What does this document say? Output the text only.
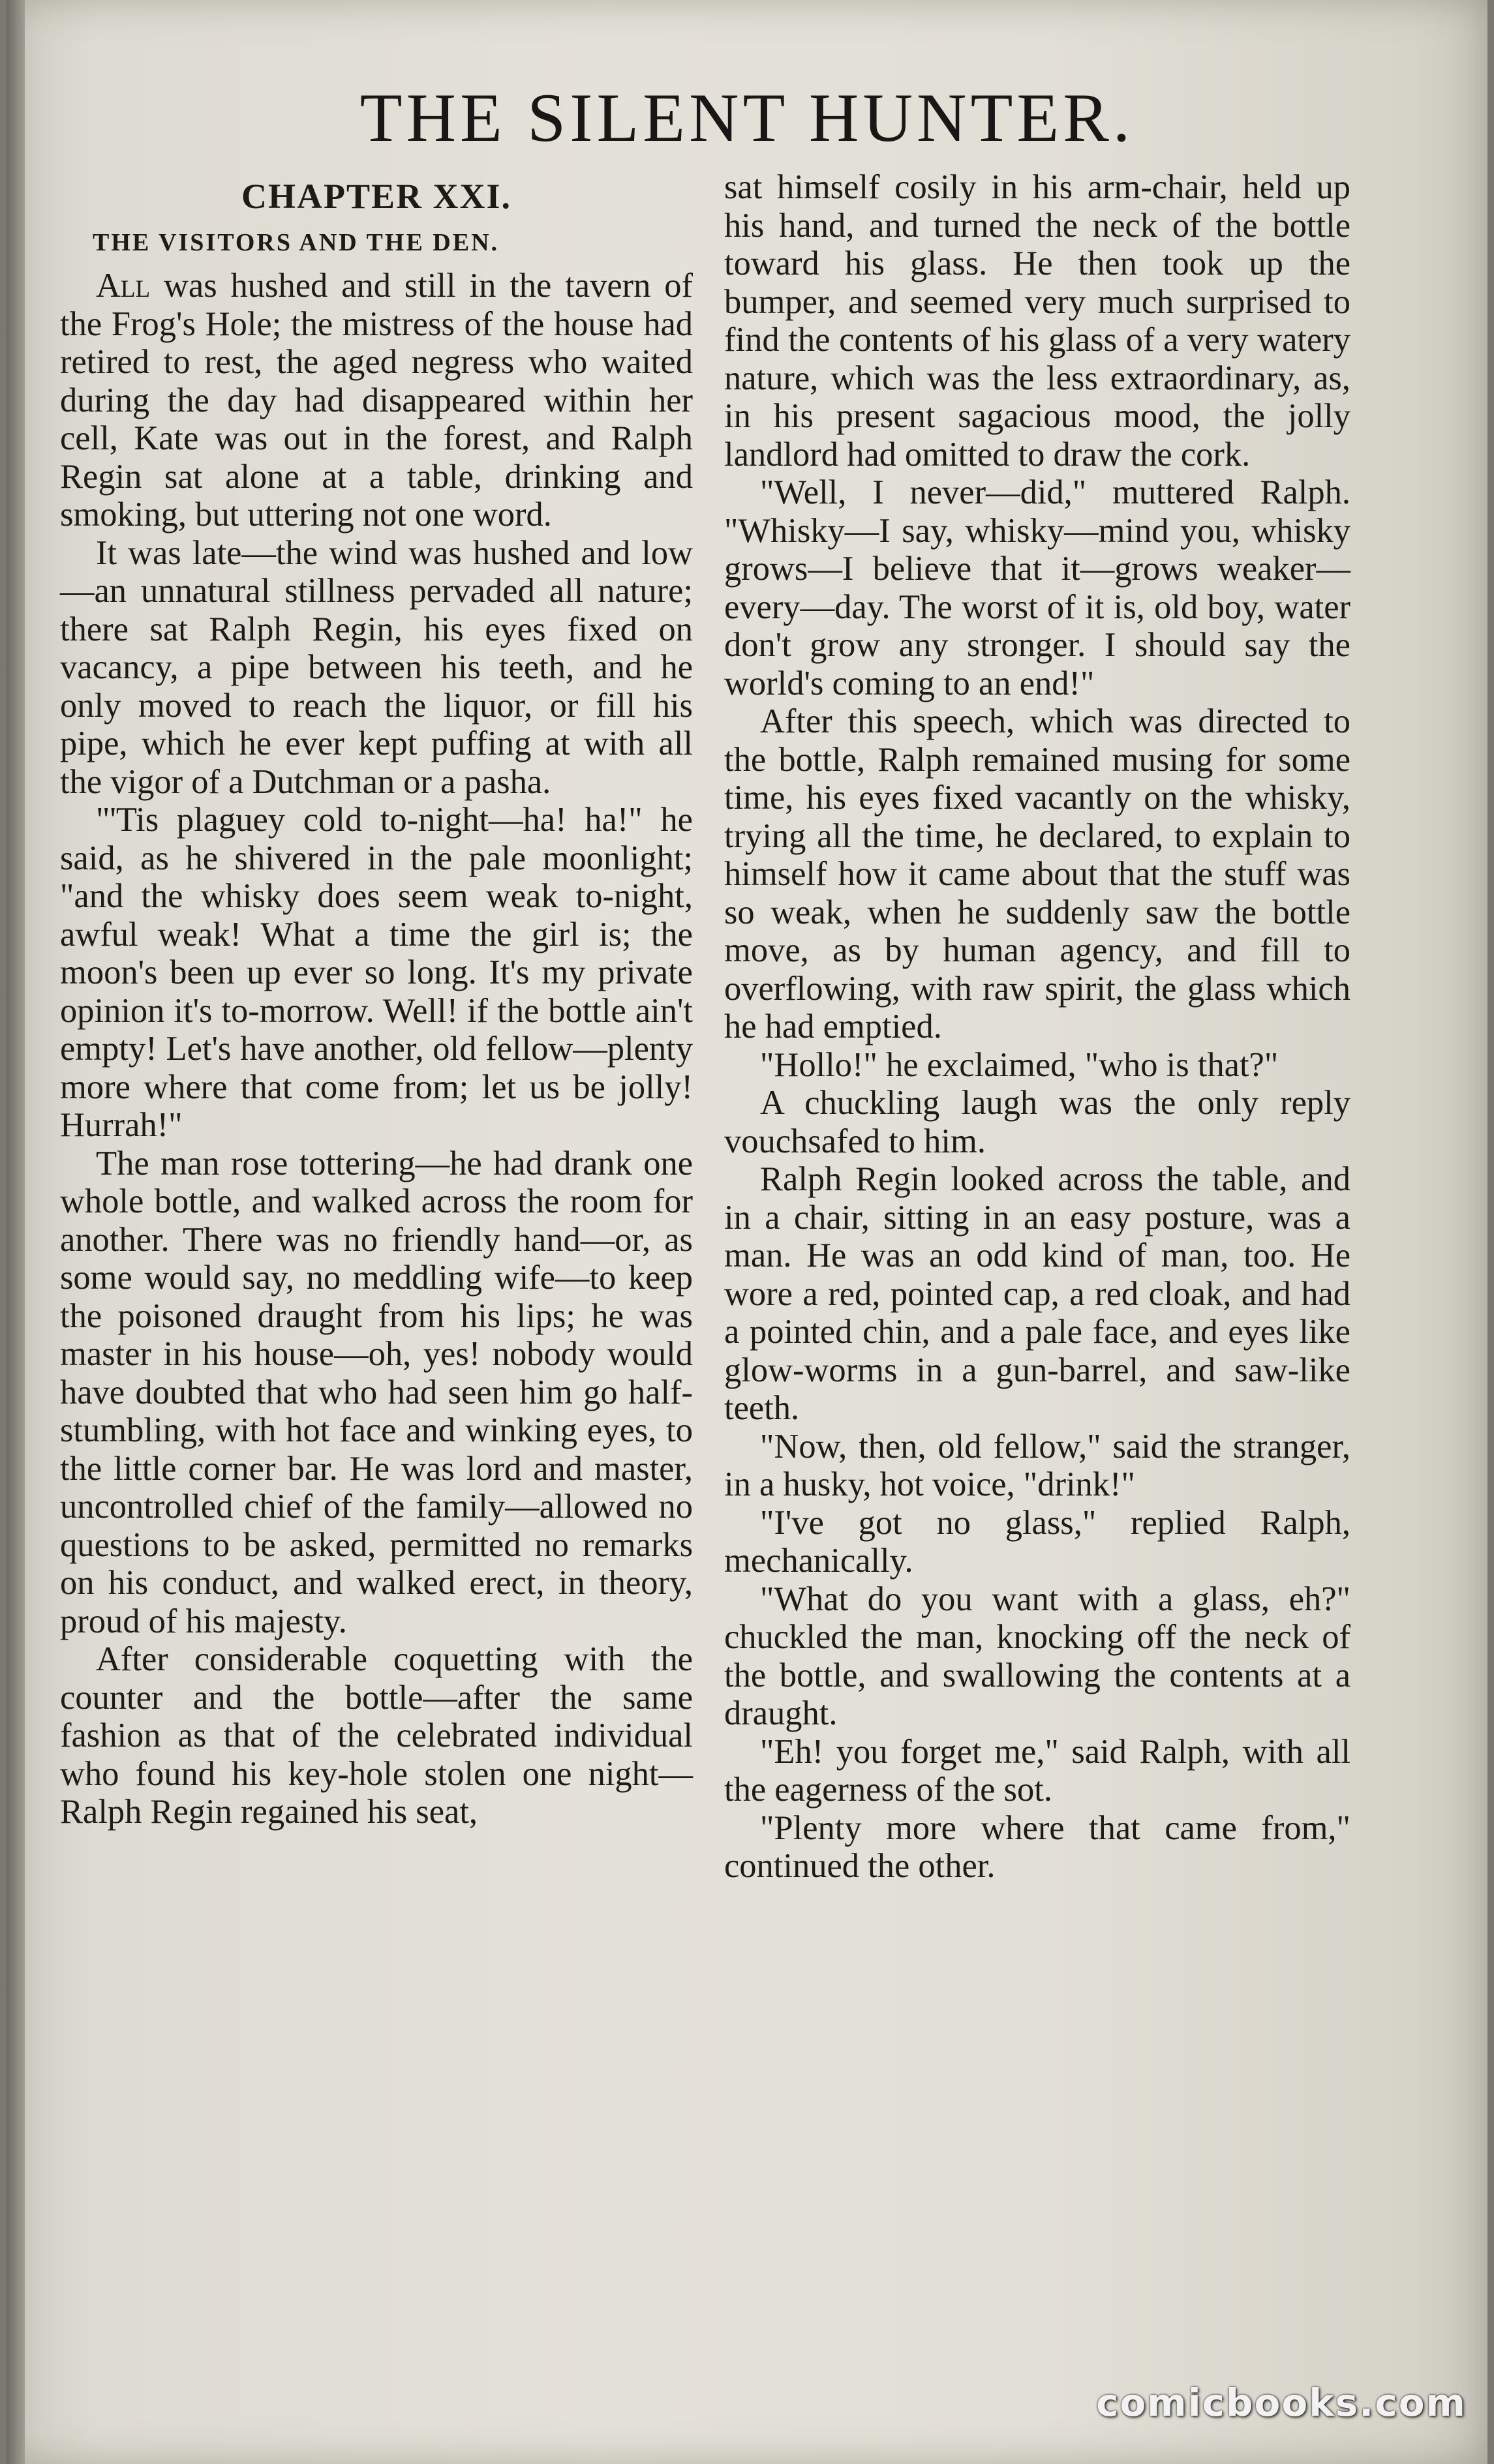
THE SILENT HUNTER.
CHAPTER XXI.
THE VISITORS AND THE DEN.

All was hushed and still in the tavern of the Frog's Hole; the mistress of the house had retired to rest, the aged negress who waited during the day had disappeared within her cell, Kate was out in the forest, and Ralph Regin sat alone at a table, drinking and smoking, but uttering not one word.

It was late—the wind was hushed and low—an unnatural stillness pervaded all nature; there sat Ralph Regin, his eyes fixed on vacancy, a pipe between his teeth, and he only moved to reach the liquor, or fill his pipe, which he ever kept puffing at with all the vigor of a Dutchman or a pasha.

"'Tis plaguey cold to-night—ha! ha!" he said, as he shivered in the pale moonlight; "and the whisky does seem weak to-night, awful weak! What a time the girl is; the moon's been up ever so long. It's my private opinion it's to-morrow. Well! if the bottle ain't empty! Let's have another, old fellow—plenty more where that come from; let us be jolly! Hurrah!"

The man rose tottering—he had drank one whole bottle, and walked across the room for another. There was no friendly hand—or, as some would say, no meddling wife—to keep the poisoned draught from his lips; he was master in his house—oh, yes! nobody would have doubted that who had seen him go half-stumbling, with hot face and winking eyes, to the little corner bar. He was lord and master, uncontrolled chief of the family—allowed no questions to be asked, permitted no remarks on his conduct, and walked erect, in theory, proud of his majesty.

After considerable coquetting with the counter and the bottle—after the same fashion as that of the celebrated individual who found his key-hole stolen one night—Ralph Regin regained his seat,

sat himself cosily in his arm-chair, held up his hand, and turned the neck of the bottle toward his glass. He then took up the bumper, and seemed very much surprised to find the contents of his glass of a very watery nature, which was the less extraordinary, as, in his present sagacious mood, the jolly landlord had omitted to draw the cork.

"Well, I never—did," muttered Ralph. "Whisky—I say, whisky—mind you, whisky grows—I believe that it—grows weaker—every—day. The worst of it is, old boy, water don't grow any stronger. I should say the world's coming to an end!"

After this speech, which was directed to the bottle, Ralph remained musing for some time, his eyes fixed vacantly on the whisky, trying all the time, he declared, to explain to himself how it came about that the stuff was so weak, when he suddenly saw the bottle move, as by human agency, and fill to overflowing, with raw spirit, the glass which he had emptied.

"Hollo!" he exclaimed, "who is that?"

A chuckling laugh was the only reply vouchsafed to him.

Ralph Regin looked across the table, and in a chair, sitting in an easy posture, was a man. He was an odd kind of man, too. He wore a red, pointed cap, a red cloak, and had a pointed chin, and a pale face, and eyes like glow-worms in a gun-barrel, and saw-like teeth.

"Now, then, old fellow," said the stranger, in a husky, hot voice, "drink!"

"I've got no glass," replied Ralph, mechanically.

"What do you want with a glass, eh?" chuckled the man, knocking off the neck of the bottle, and swallowing the contents at a draught.

"Eh! you forget me," said Ralph, with all the eagerness of the sot.

"Plenty more where that came from," continued the other.

comicbooks.com
